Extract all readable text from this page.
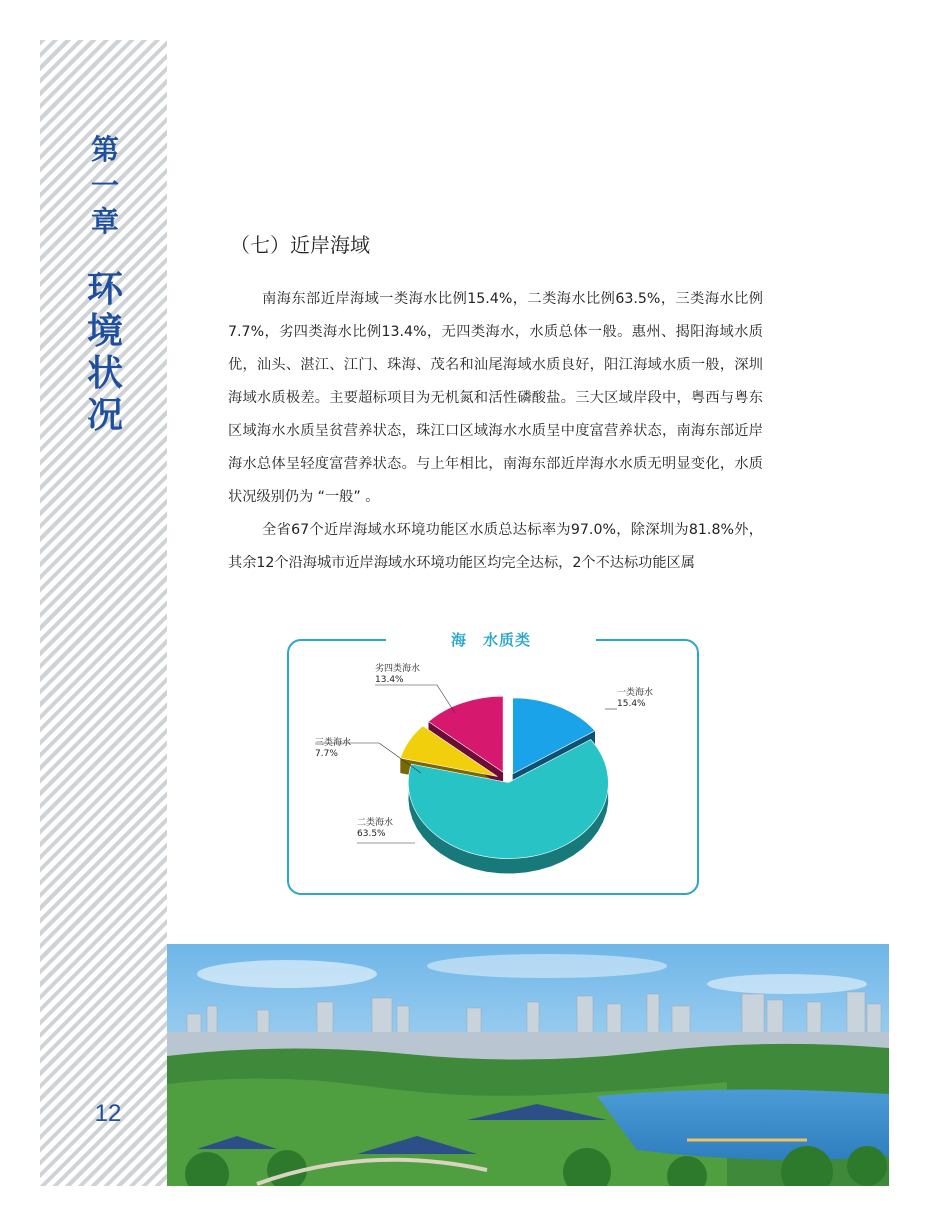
第
一
章
环
境
状
况
12
（七）近岸海域

南海东部近岸海域一类海水比例15.4%，二类海水比例63.5%，三类海水比例7.7%，劣四类海水比例13.4%，无四类海水，水质总体一般。惠州、揭阳海域水质优，汕头、湛江、江门、珠海、茂名和汕尾海域水质良好，阳江海域水质一般，深圳海域水质极差。主要超标项目为无机氮和活性磷酸盐。三大区域岸段中，粤西与粤东区域海水水质呈贫营养状态，珠江口区域海水水质呈中度富营养状态，南海东部近岸海水总体呈轻度富营养状态。与上年相比，南海东部近岸海水水质无明显变化，水质状况级别仍为 “一般” 。

全省67个近岸海域水环境功能区水质总达标率为97.0%，除深圳为81.8%外，其余12个沿海城市近岸海域水环境功能区均完全达标，2个不达标功能区属

海　水质类
一类海水
15.4%
二类海水
63.5%
三类海水
7.7%
劣四类海水
13.4%
